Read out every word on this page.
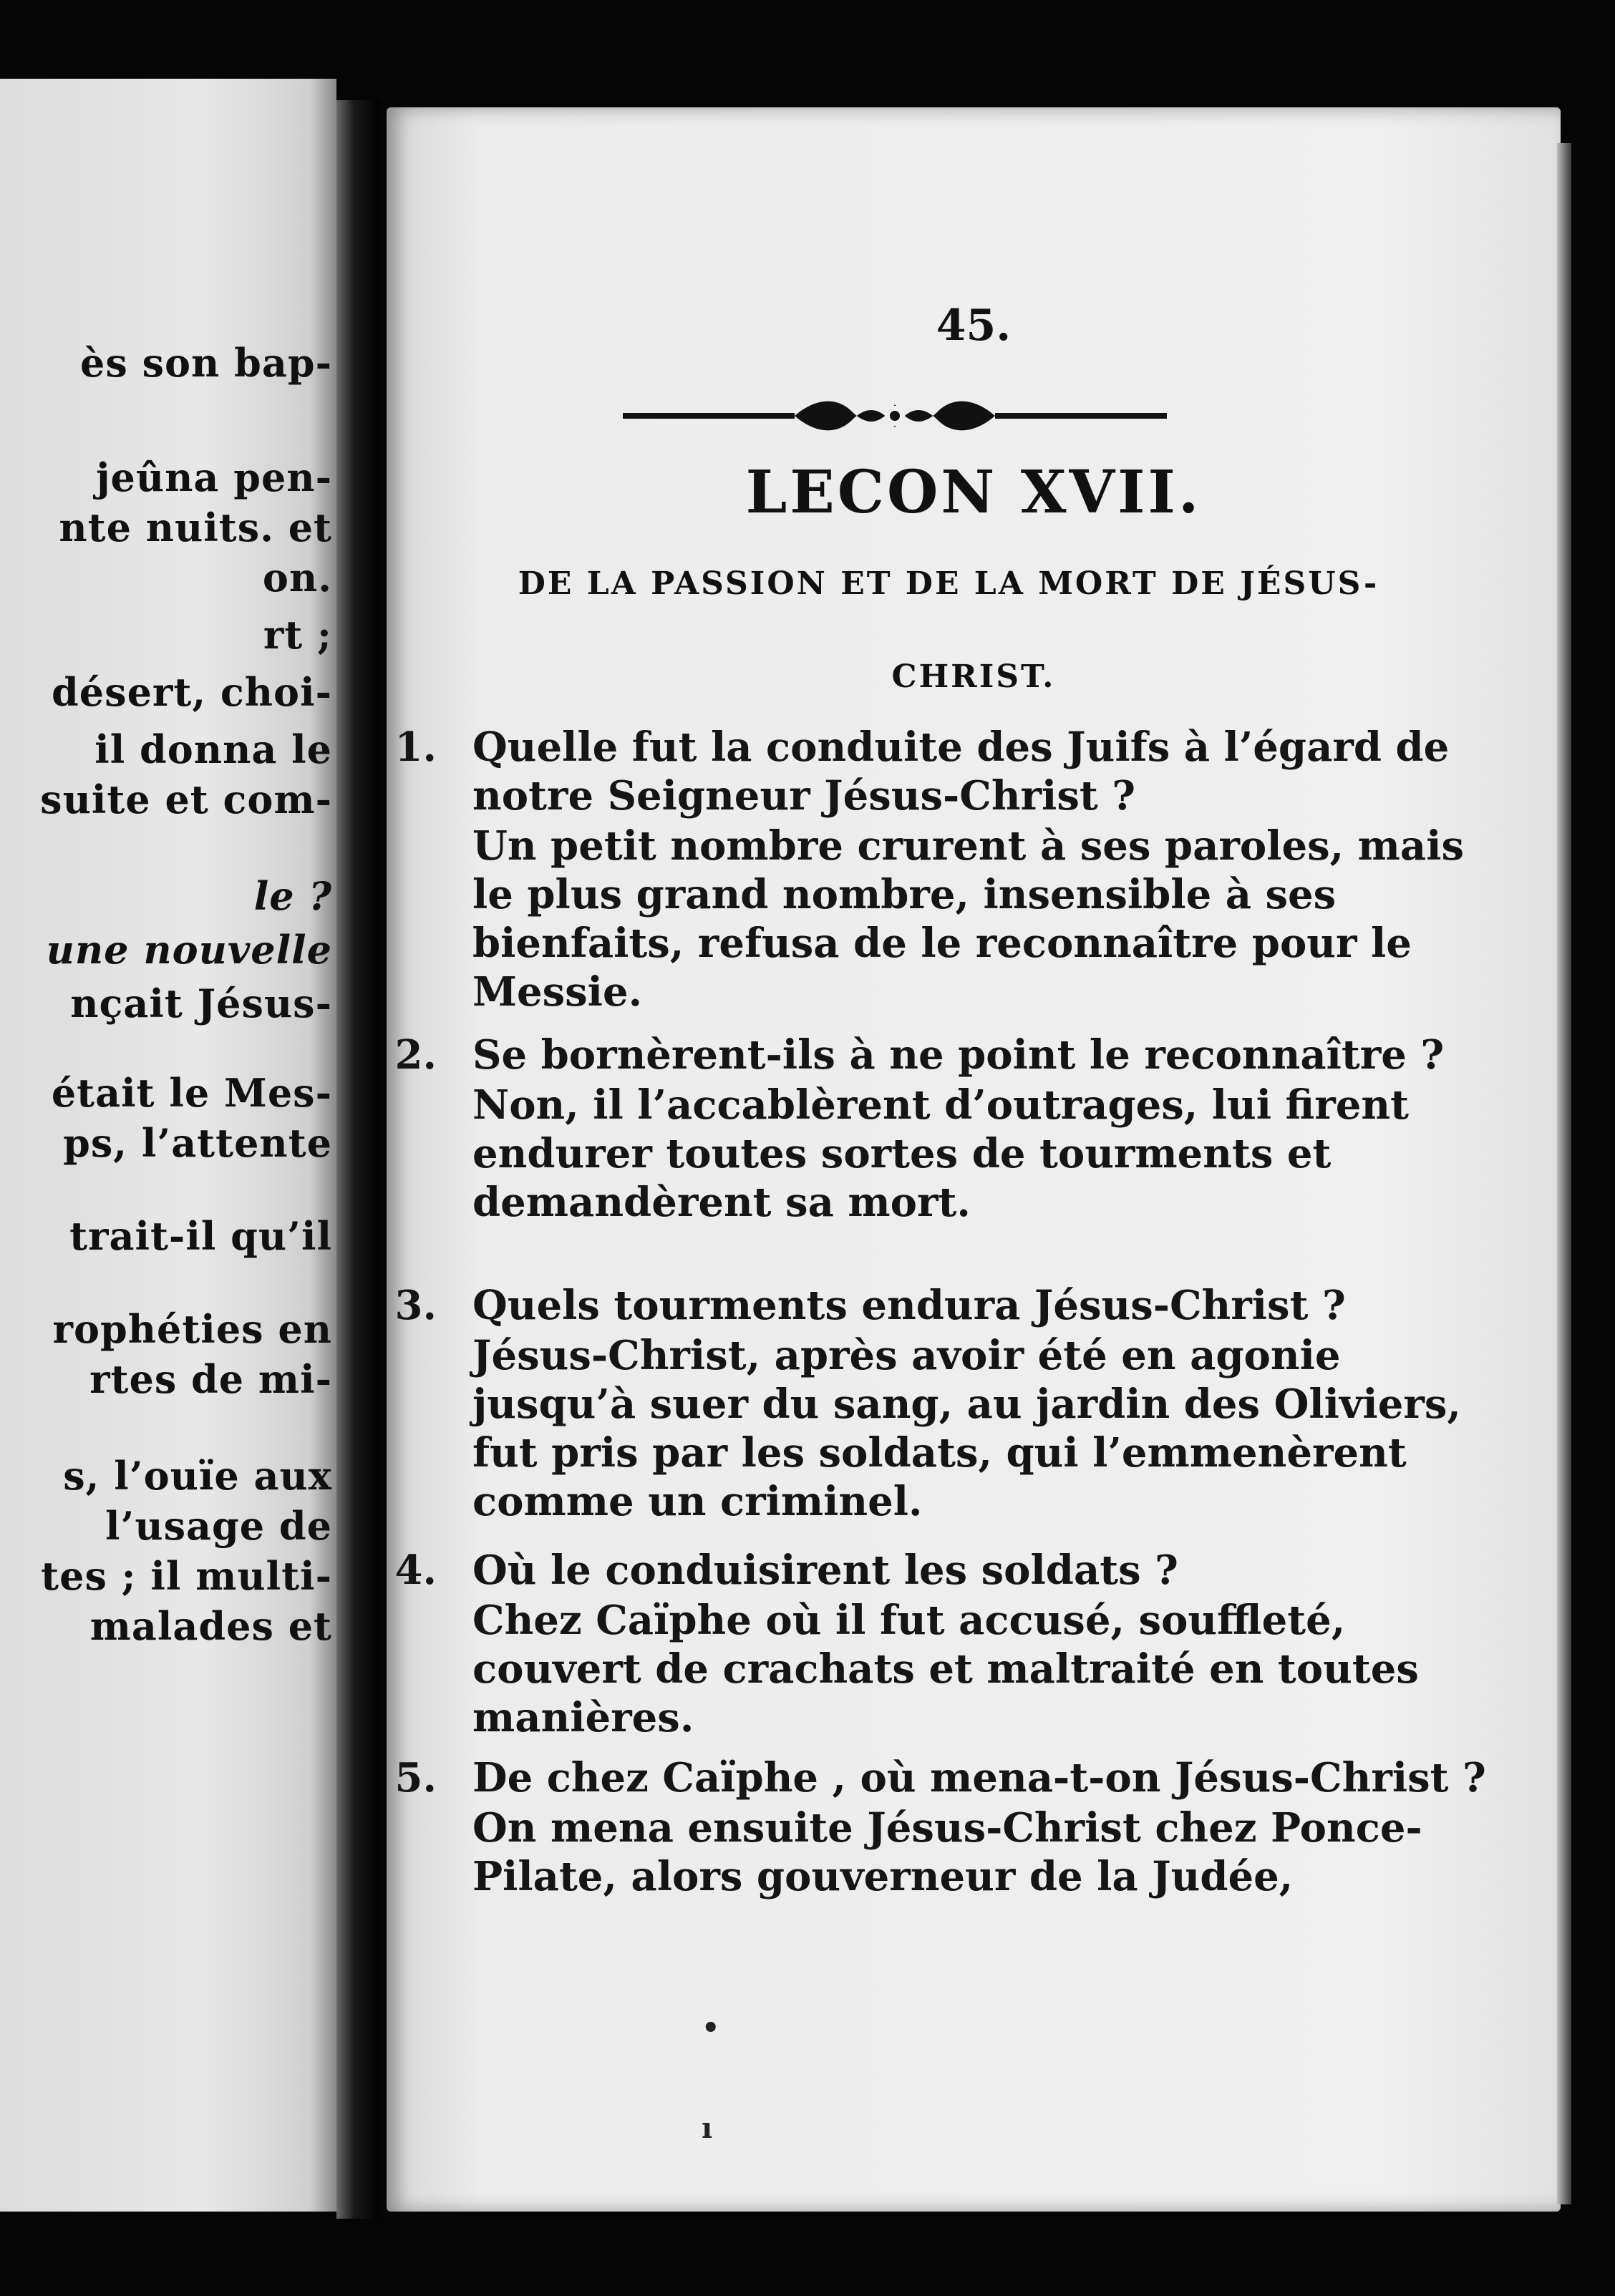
ès son bap-
jeûna pen-
nte nuits. et
on.
rt ;
désert, choi-
il donna le
suite et com-
le ?
une nouvelle
nçait Jésus-
était le Mes-
ps, l’attente
trait-il qu’il
rophéties en
rtes de mi-
s, l’ouïe aux
l’usage de
tes ; il multi-
malades et
45.
LECON XVII.
DE LA PASSION ET DE LA MORT DE JÉSUS-
CHRIST.
1. Quelle fut la conduite des Juifs à l’égard de notre Seigneur Jésus-Christ ?
Un petit nombre crurent à ses paroles, mais le plus grand nombre, insensible à ses bienfaits, refusa de le reconnaître pour le Messie.
2. Se bornèrent-ils à ne point le reconnaître ?
Non, il l’accablèrent d’outrages, lui firent endurer toutes sortes de tourments et demandèrent sa mort.
3. Quels tourments endura Jésus-Christ ?
Jésus-Christ, après avoir été en agonie jusqu’à suer du sang, au jardin des Oliviers, fut pris par les soldats, qui l’emmenèrent comme un criminel.
4. Où le conduisirent les soldats ?
Chez Caïphe où il fut accusé, souffleté, couvert de crachats et maltraité en toutes manières.
5. De chez Caïphe , où mena-t-on Jésus-Christ ?
On mena ensuite Jésus-Christ chez Ponce-Pilate, alors gouverneur de la Judée,
•
ı
